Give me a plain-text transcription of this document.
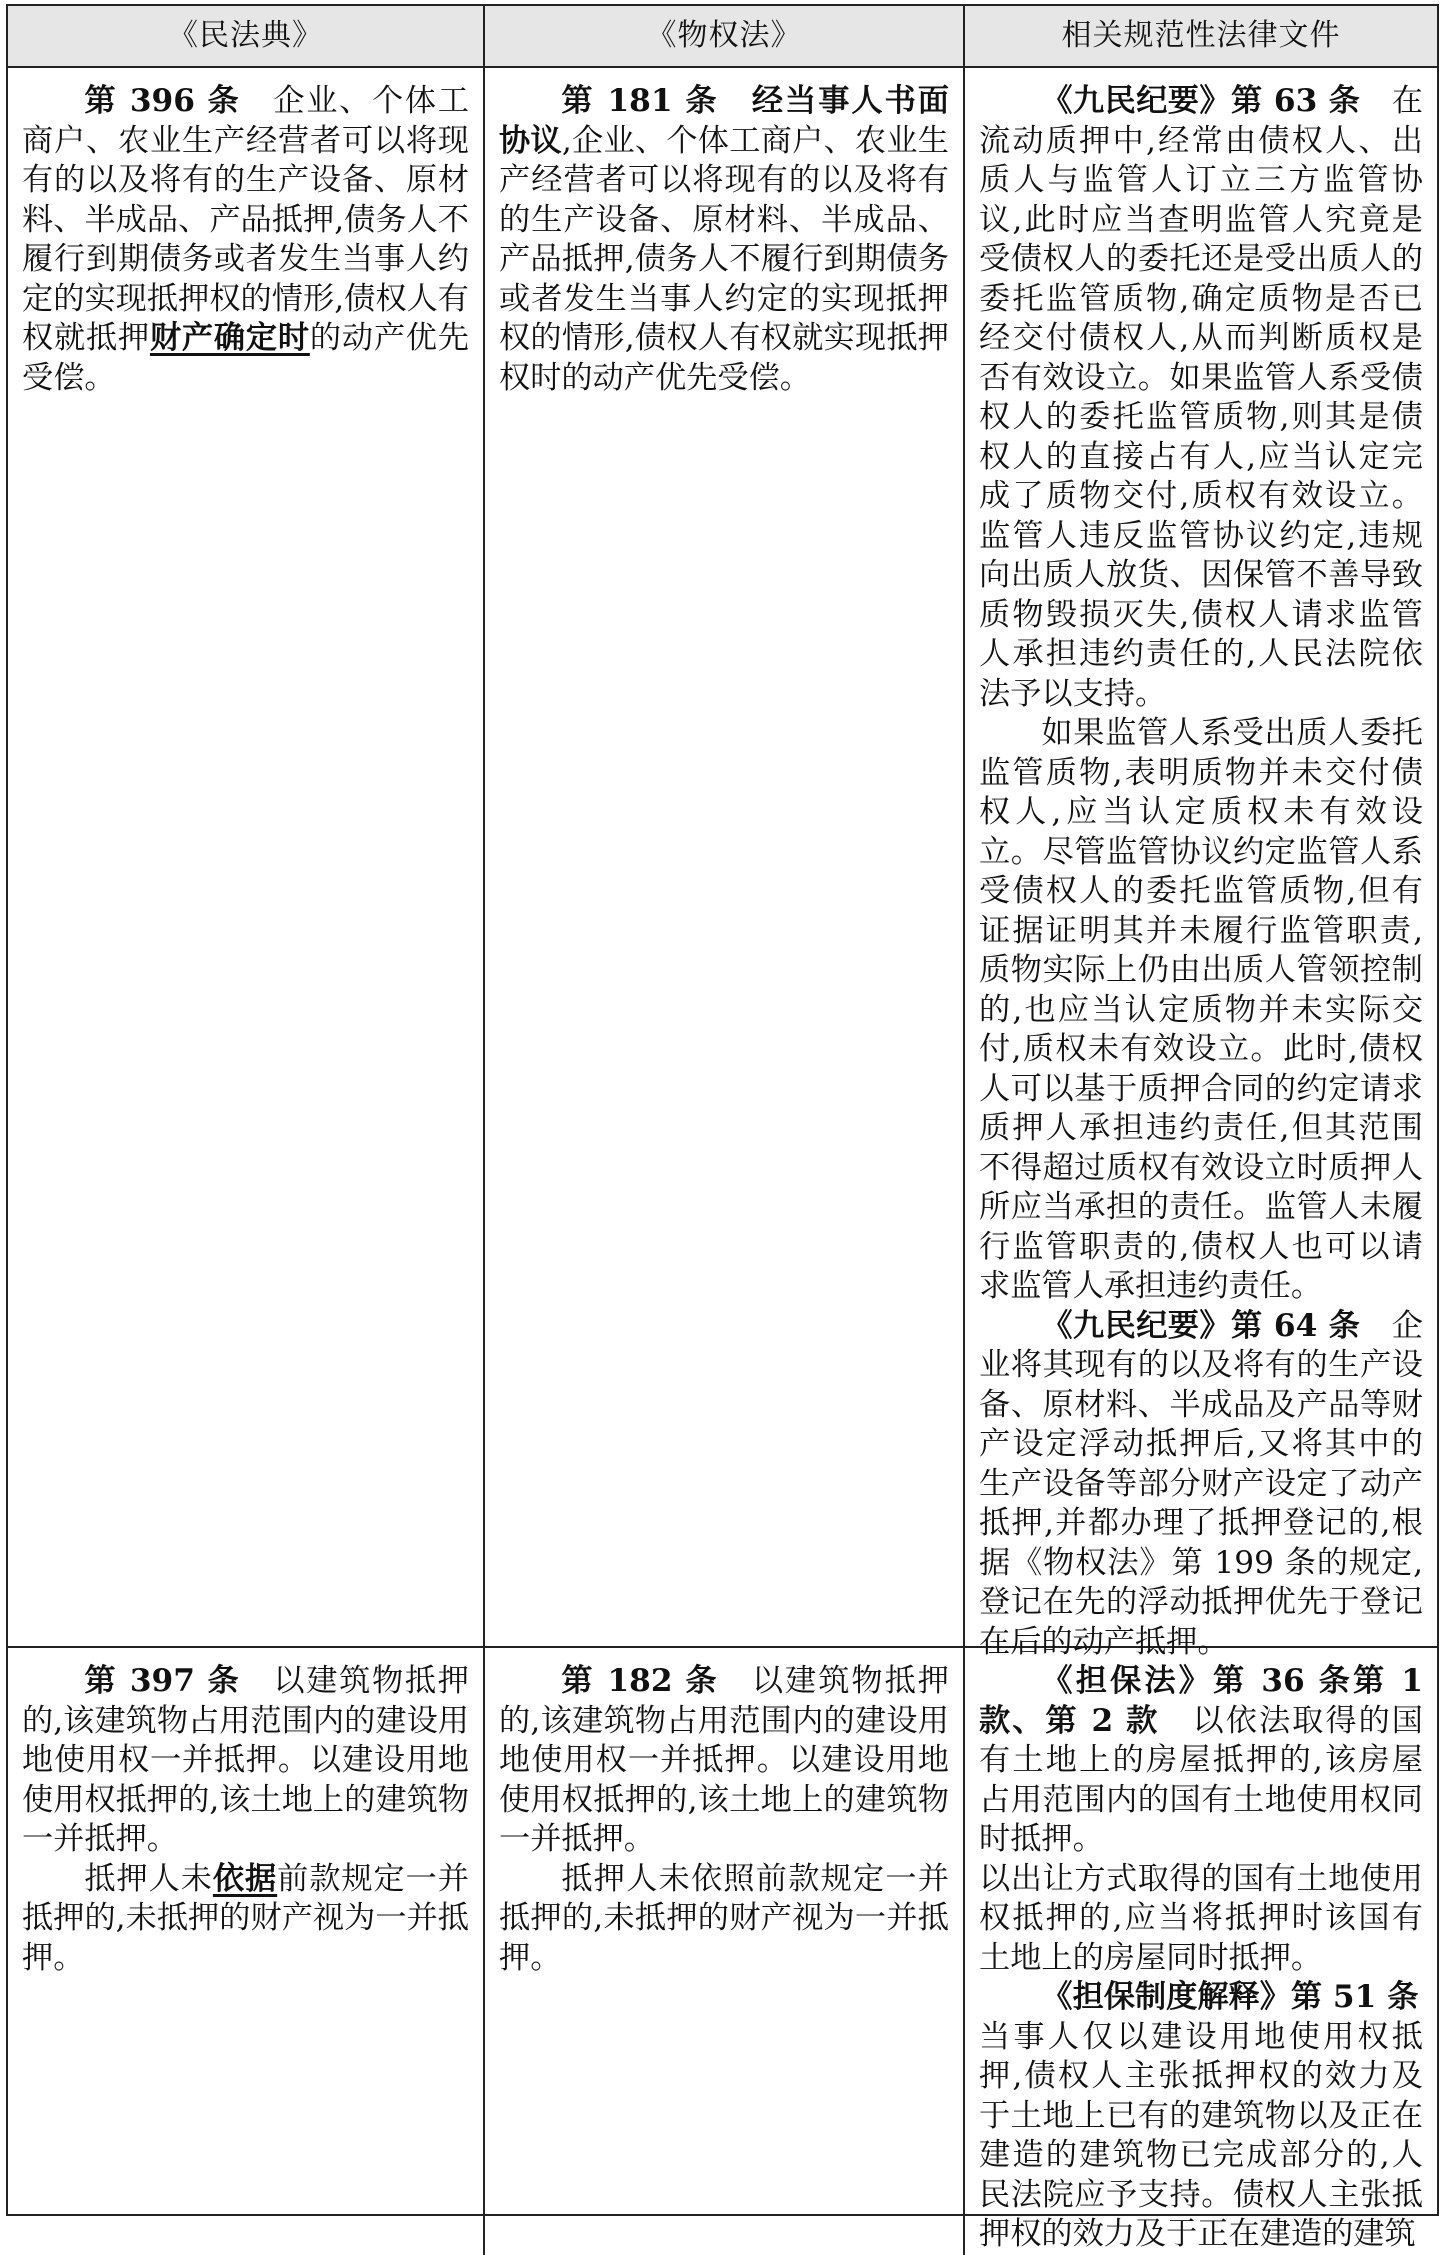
《民法典》	《物权法》	相关规范性法律文件

第 396 条　企业、个体工商户、农业生产经营者可以将现有的以及将有的生产设备、原材料、半成品、产品抵押,债务人不履行到期债务或者发生当事人约定的实现抵押权的情形,债权人有权就抵押财产确定时的动产优先受偿。

第 181 条　经当事人书面协议,企业、个体工商户、农业生产经营者可以将现有的以及将有的生产设备、原材料、半成品、产品抵押,债务人不履行到期债务或者发生当事人约定的实现抵押权的情形,债权人有权就实现抵押权时的动产优先受偿。

《九民纪要》第 63 条　在流动质押中,经常由债权人、出质人与监管人订立三方监管协议,此时应当查明监管人究竟是受债权人的委托还是受出质人的委托监管质物,确定质物是否已经交付债权人,从而判断质权是否有效设立。如果监管人系受债权人的委托监管质物,则其是债权人的直接占有人,应当认定完成了质物交付,质权有效设立。监管人违反监管协议约定,违规向出质人放货、因保管不善导致质物毁损灭失,债权人请求监管人承担违约责任的,人民法院依法予以支持。

如果监管人系受出质人委托监管质物,表明质物并未交付债权人,应当认定质权未有效设立。尽管监管协议约定监管人系受债权人的委托监管质物,但有证据证明其并未履行监管职责,质物实际上仍由出质人管领控制的,也应当认定质物并未实际交付,质权未有效设立。此时,债权人可以基于质押合同的约定请求质押人承担违约责任,但其范围不得超过质权有效设立时质押人所应当承担的责任。监管人未履行监管职责的,债权人也可以请求监管人承担违约责任。

《九民纪要》第 64 条　企业将其现有的以及将有的生产设备、原材料、半成品及产品等财产设定浮动抵押后,又将其中的生产设备等部分财产设定了动产抵押,并都办理了抵押登记的,根据《物权法》第 199 条的规定,登记在先的浮动抵押优先于登记在后的动产抵押。

第 397 条　以建筑物抵押的,该建筑物占用范围内的建设用地使用权一并抵押。以建设用地使用权抵押的,该土地上的建筑物一并抵押。

抵押人未依据前款规定一并抵押的,未抵押的财产视为一并抵押。

第 182 条　以建筑物抵押的,该建筑物占用范围内的建设用地使用权一并抵押。以建设用地使用权抵押的,该土地上的建筑物一并抵押。

抵押人未依照前款规定一并抵押的,未抵押的财产视为一并抵押。

《担保法》第 36 条第 1 款、第 2 款　以依法取得的国有土地上的房屋抵押的,该房屋占用范围内的国有土地使用权同时抵押。

以出让方式取得的国有土地使用权抵押的,应当将抵押时该国有土地上的房屋同时抵押。

《担保制度解释》第 51 条　当事人仅以建设用地使用权抵押,债权人主张抵押权的效力及于土地上已有的建筑物以及正在建造的建筑物已完成部分的,人民法院应予支持。债权人主张抵押权的效力及于正在建造的建筑
